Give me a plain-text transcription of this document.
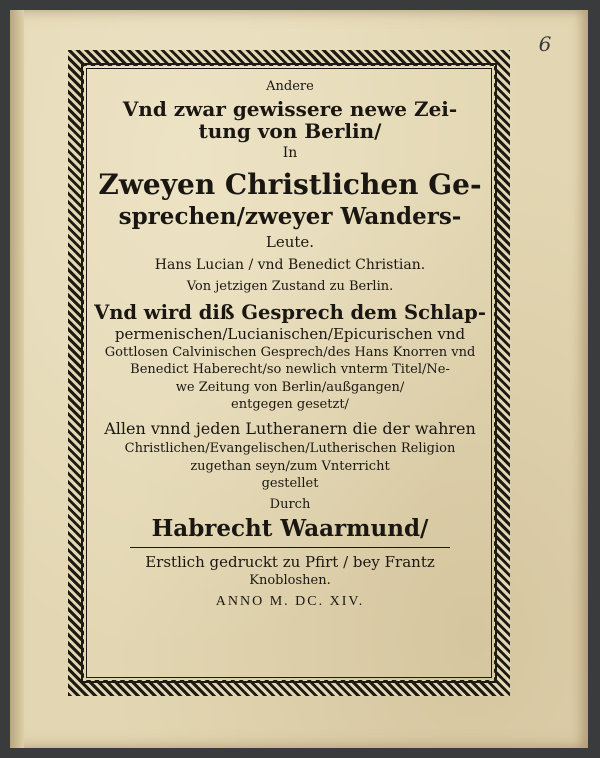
6
Andere
Vnd zwar gewissere newe Zei-
tung von Berlin/
In
Zweyen Christlichen Ge-
sprechen/zweyer Wanders-
Leute.
Hans Lucian / vnd Benedict Christian.
Von jetzigen Zustand zu Berlin.
Vnd wird diß Gesprech dem Schlap-
permenischen/Lucianischen/Epicurischen vnd
Gottlosen Calvinischen Gesprech/des Hans Knorren vnd
Benedict Haberecht/so newlich vnterm Titel/Ne-
we Zeitung von Berlin/außgangen/
entgegen gesetzt/
Allen vnnd jeden Lutheranern die der wahren
Christlichen/Evangelischen/Lutherischen Religion
zugethan seyn/zum Vnterricht
gestellet
Durch
Habrecht Waarmund/
Erstlich gedruckt zu Pfirt / bey Frantz
Knobloshen.
ANNO M. DC. XIV.
